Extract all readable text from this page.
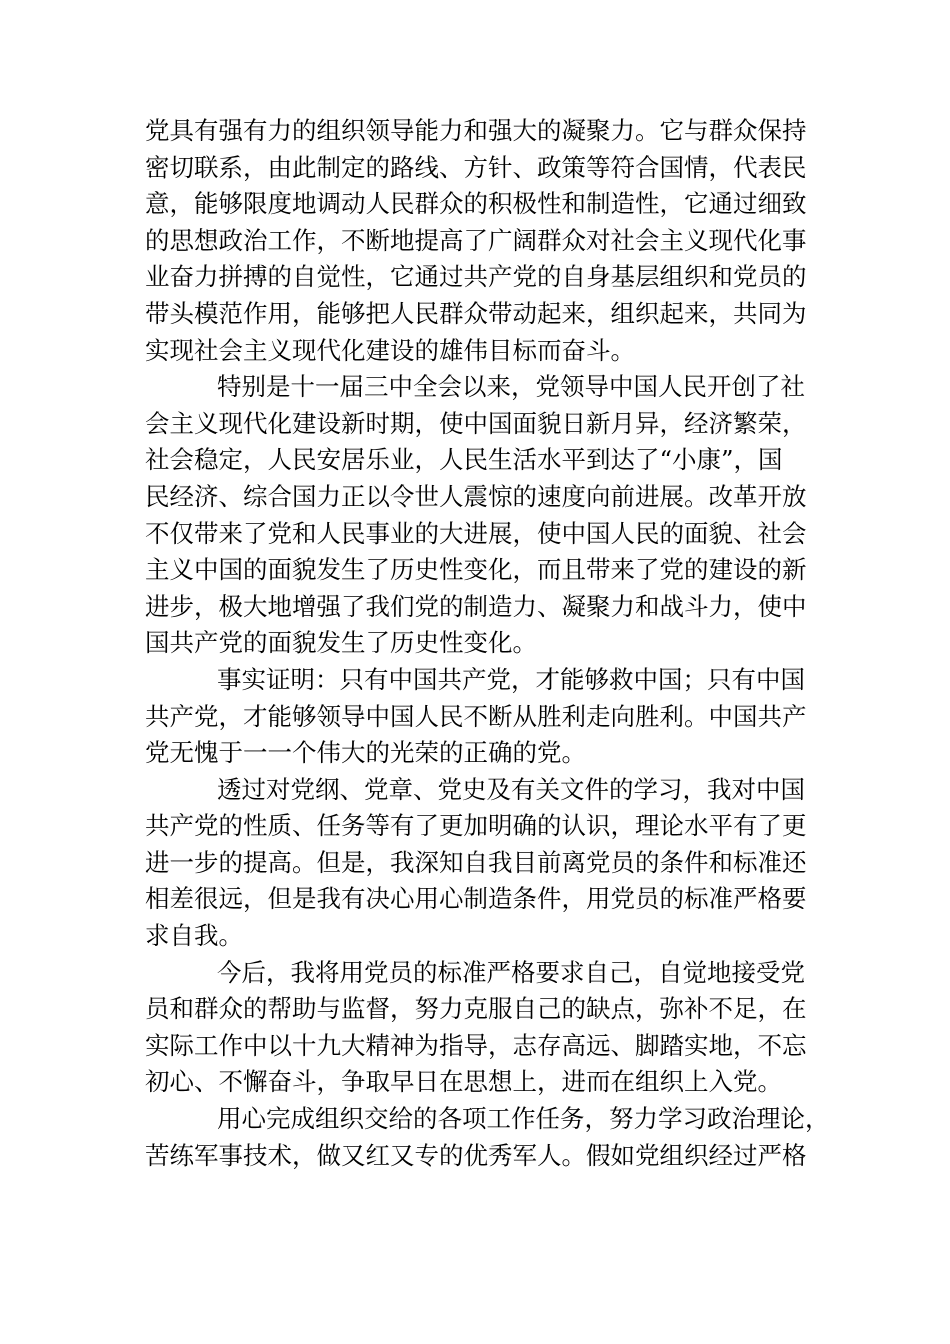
党具有强有力的组织领导能力和强大的凝聚力。它与群众保持
密切联系，由此制定的路线、方针、政策等符合国情，代表民
意，能够限度地调动人民群众的积极性和制造性，它通过细致
的思想政治工作，不断地提高了广阔群众对社会主义现代化事
业奋力拼搏的自觉性，它通过共产党的自身基层组织和党员的
带头模范作用，能够把人民群众带动起来，组织起来，共同为
实现社会主义现代化建设的雄伟目标而奋斗。
特别是十一届三中全会以来，党领导中国人民开创了社
会主义现代化建设新时期，使中国面貌日新月异，经济繁荣，
社会稳定，人民安居乐业，人民生活水平到达了“小康”，国
民经济、综合国力正以令世人震惊的速度向前进展。改革开放
不仅带来了党和人民事业的大进展，使中国人民的面貌、社会
主义中国的面貌发生了历史性变化，而且带来了党的建设的新
进步，极大地增强了我们党的制造力、凝聚力和战斗力，使中
国共产党的面貌发生了历史性变化。
事实证明：只有中国共产党，才能够救中国；只有中国
共产党，才能够领导中国人民不断从胜利走向胜利。中国共产
党无愧于一一个伟大的光荣的正确的党。
透过对党纲、党章、党史及有关文件的学习，我对中国
共产党的性质、任务等有了更加明确的认识，理论水平有了更
进一步的提高。但是，我深知自我目前离党员的条件和标准还
相差很远，但是我有决心用心制造条件，用党员的标准严格要
求自我。
今后，我将用党员的标准严格要求自己，自觉地接受党
员和群众的帮助与监督，努力克服自己的缺点，弥补不足，在
实际工作中以十九大精神为指导，志存高远、脚踏实地，不忘
初心、不懈奋斗，争取早日在思想上，进而在组织上入党。
用心完成组织交给的各项工作任务，努力学习政治理论，
苦练军事技术，做又红又专的优秀军人。假如党组织经过严格
